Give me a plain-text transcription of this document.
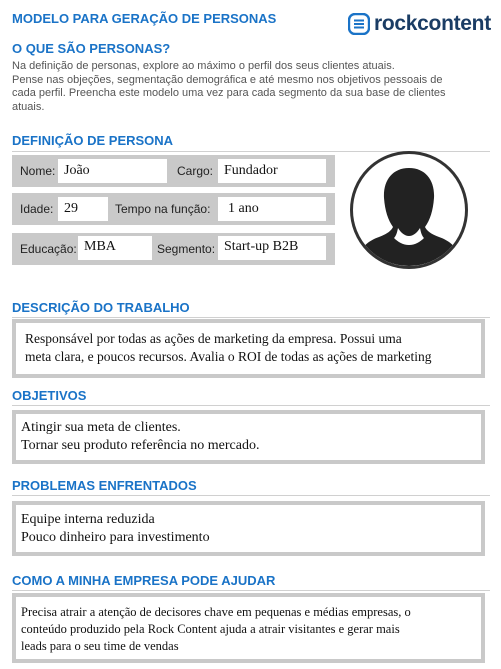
MODELO PARA GERAÇÃO DE PERSONAS	rockcontent
O QUE SÃO PERSONAS?
Na definição de personas, explore ao máximo o perfil dos seus clientes atuais.
Pense nas objeções, segmentação demográfica e até mesmo nos objetivos pessoais de
cada perfil. Preencha este modelo uma vez para cada segmento da sua base de clientes
atuais.
DEFINIÇÃO DE PERSONA
Nome: João	Cargo: Fundador
Idade: 29	Tempo na função:	1 ano
Educação: MBA	Segmento: Start-up B2B
DESCRIÇÃO DO TRABALHO
Responsável por todas as ações de marketing da empresa. Possui uma
meta clara, e poucos recursos. Avalia o ROI de todas as ações de marketing
OBJETIVOS
Atingir sua meta de clientes.
Tornar seu produto referência no mercado.
PROBLEMAS ENFRENTADOS
Equipe interna reduzida
Pouco dinheiro para investimento
COMO A MINHA EMPRESA PODE AJUDAR
Precisa atrair a atenção de decisores chave em pequenas e médias empresas, o
conteúdo produzido pela Rock Content ajuda a atrair visitantes e gerar mais
leads para o seu time de vendas
